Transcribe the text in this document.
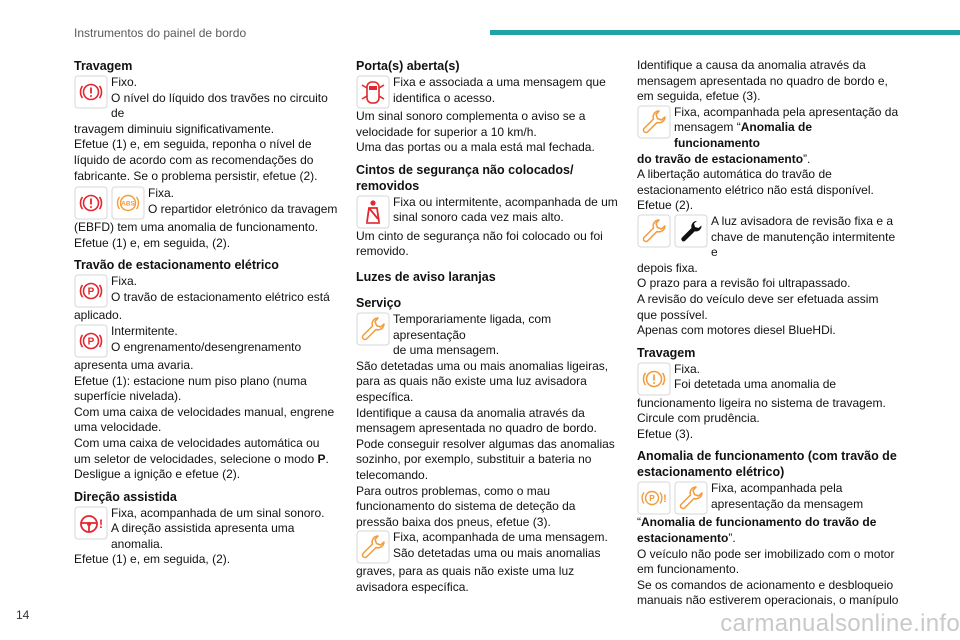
Instrumentos do painel de bordo
Travagem
Fixo.
O nível do líquido dos travões no circuito de

travagem diminuiu significativamente.

Efetue (1) e, em seguida, reponha o nível de líquido de acordo com as recomendações do fabricante. Se o problema persistir, efetue (2).

ABS
Fixa.
O repartidor eletrónico da travagem

(EBFD) tem uma anomalia de funcionamento.

Efetue (1) e, em seguida, (2).

Travão de estacionamento elétrico
P
Fixa.
O travão de estacionamento elétrico está

aplicado.

P
Intermitente.
O engrenamento/desengrenamento

apresenta uma avaria.

Efetue (1): estacione num piso plano (numa superfície nivelada).

Com uma caixa de velocidades manual, engrene uma velocidade.

Com uma caixa de velocidades automática ou um seletor de velocidades, selecione o modo P.

Desligue a ignição e efetue (2).

Direção assistida
!
Fixa, acompanhada de um sinal sonoro.
A direção assistida apresenta uma anomalia.

Efetue (1) e, em seguida, (2).

Porta(s) aberta(s)
Fixa e associada a uma mensagem que
identifica o acesso.

Um sinal sonoro complementa o aviso se a velocidade for superior a 10 km/h.

Uma das portas ou a mala está mal fechada.

Cintos de segurança não colocados/ removidos
Fixa ou intermitente, acompanhada de um
sinal sonoro cada vez mais alto.

Um cinto de segurança não foi colocado ou foi removido.

Luzes de aviso laranjas
Serviço
Temporariamente ligada, com apresentação
de uma mensagem.

São detetadas uma ou mais anomalias ligeiras, para as quais não existe uma luz avisadora específica.

Identifique a causa da anomalia através da mensagem apresentada no quadro de bordo.

Pode conseguir resolver algumas das anomalias sozinho, por exemplo, substituir a bateria no telecomando.

Para outros problemas, como o mau funcionamento do sistema de deteção da pressão baixa dos pneus, efetue (3).

Fixa, acompanhada de uma mensagem.
São detetadas uma ou mais anomalias

graves, para as quais não existe uma luz avisadora específica.

Identifique a causa da anomalia através da mensagem apresentada no quadro de bordo e, em seguida, efetue (3).

Fixa, acompanhada pela apresentação da
mensagem “Anomalia de funcionamento

do travão de estacionamento”.

A libertação automática do travão de estacionamento elétrico não está disponível.

Efetue (2).

A luz avisadora de revisão fixa e a
chave de manutenção intermitente e

depois fixa.

O prazo para a revisão foi ultrapassado.

A revisão do veículo deve ser efetuada assim que possível.

Apenas com motores diesel BlueHDi.

Travagem
Fixa.
Foi detetada uma anomalia de

funcionamento ligeira no sistema de travagem.

Circule com prudência.

Efetue (3).

Anomalia de funcionamento (com travão de estacionamento elétrico)
P !
Fixa, acompanhada pela
apresentação da mensagem

“Anomalia de funcionamento do travão de estacionamento”.

O veículo não pode ser imobilizado com o motor em funcionamento.

Se os comandos de acionamento e desbloqueio manuais não estiverem operacionais, o manípulo

14	carmanualsonline.info
